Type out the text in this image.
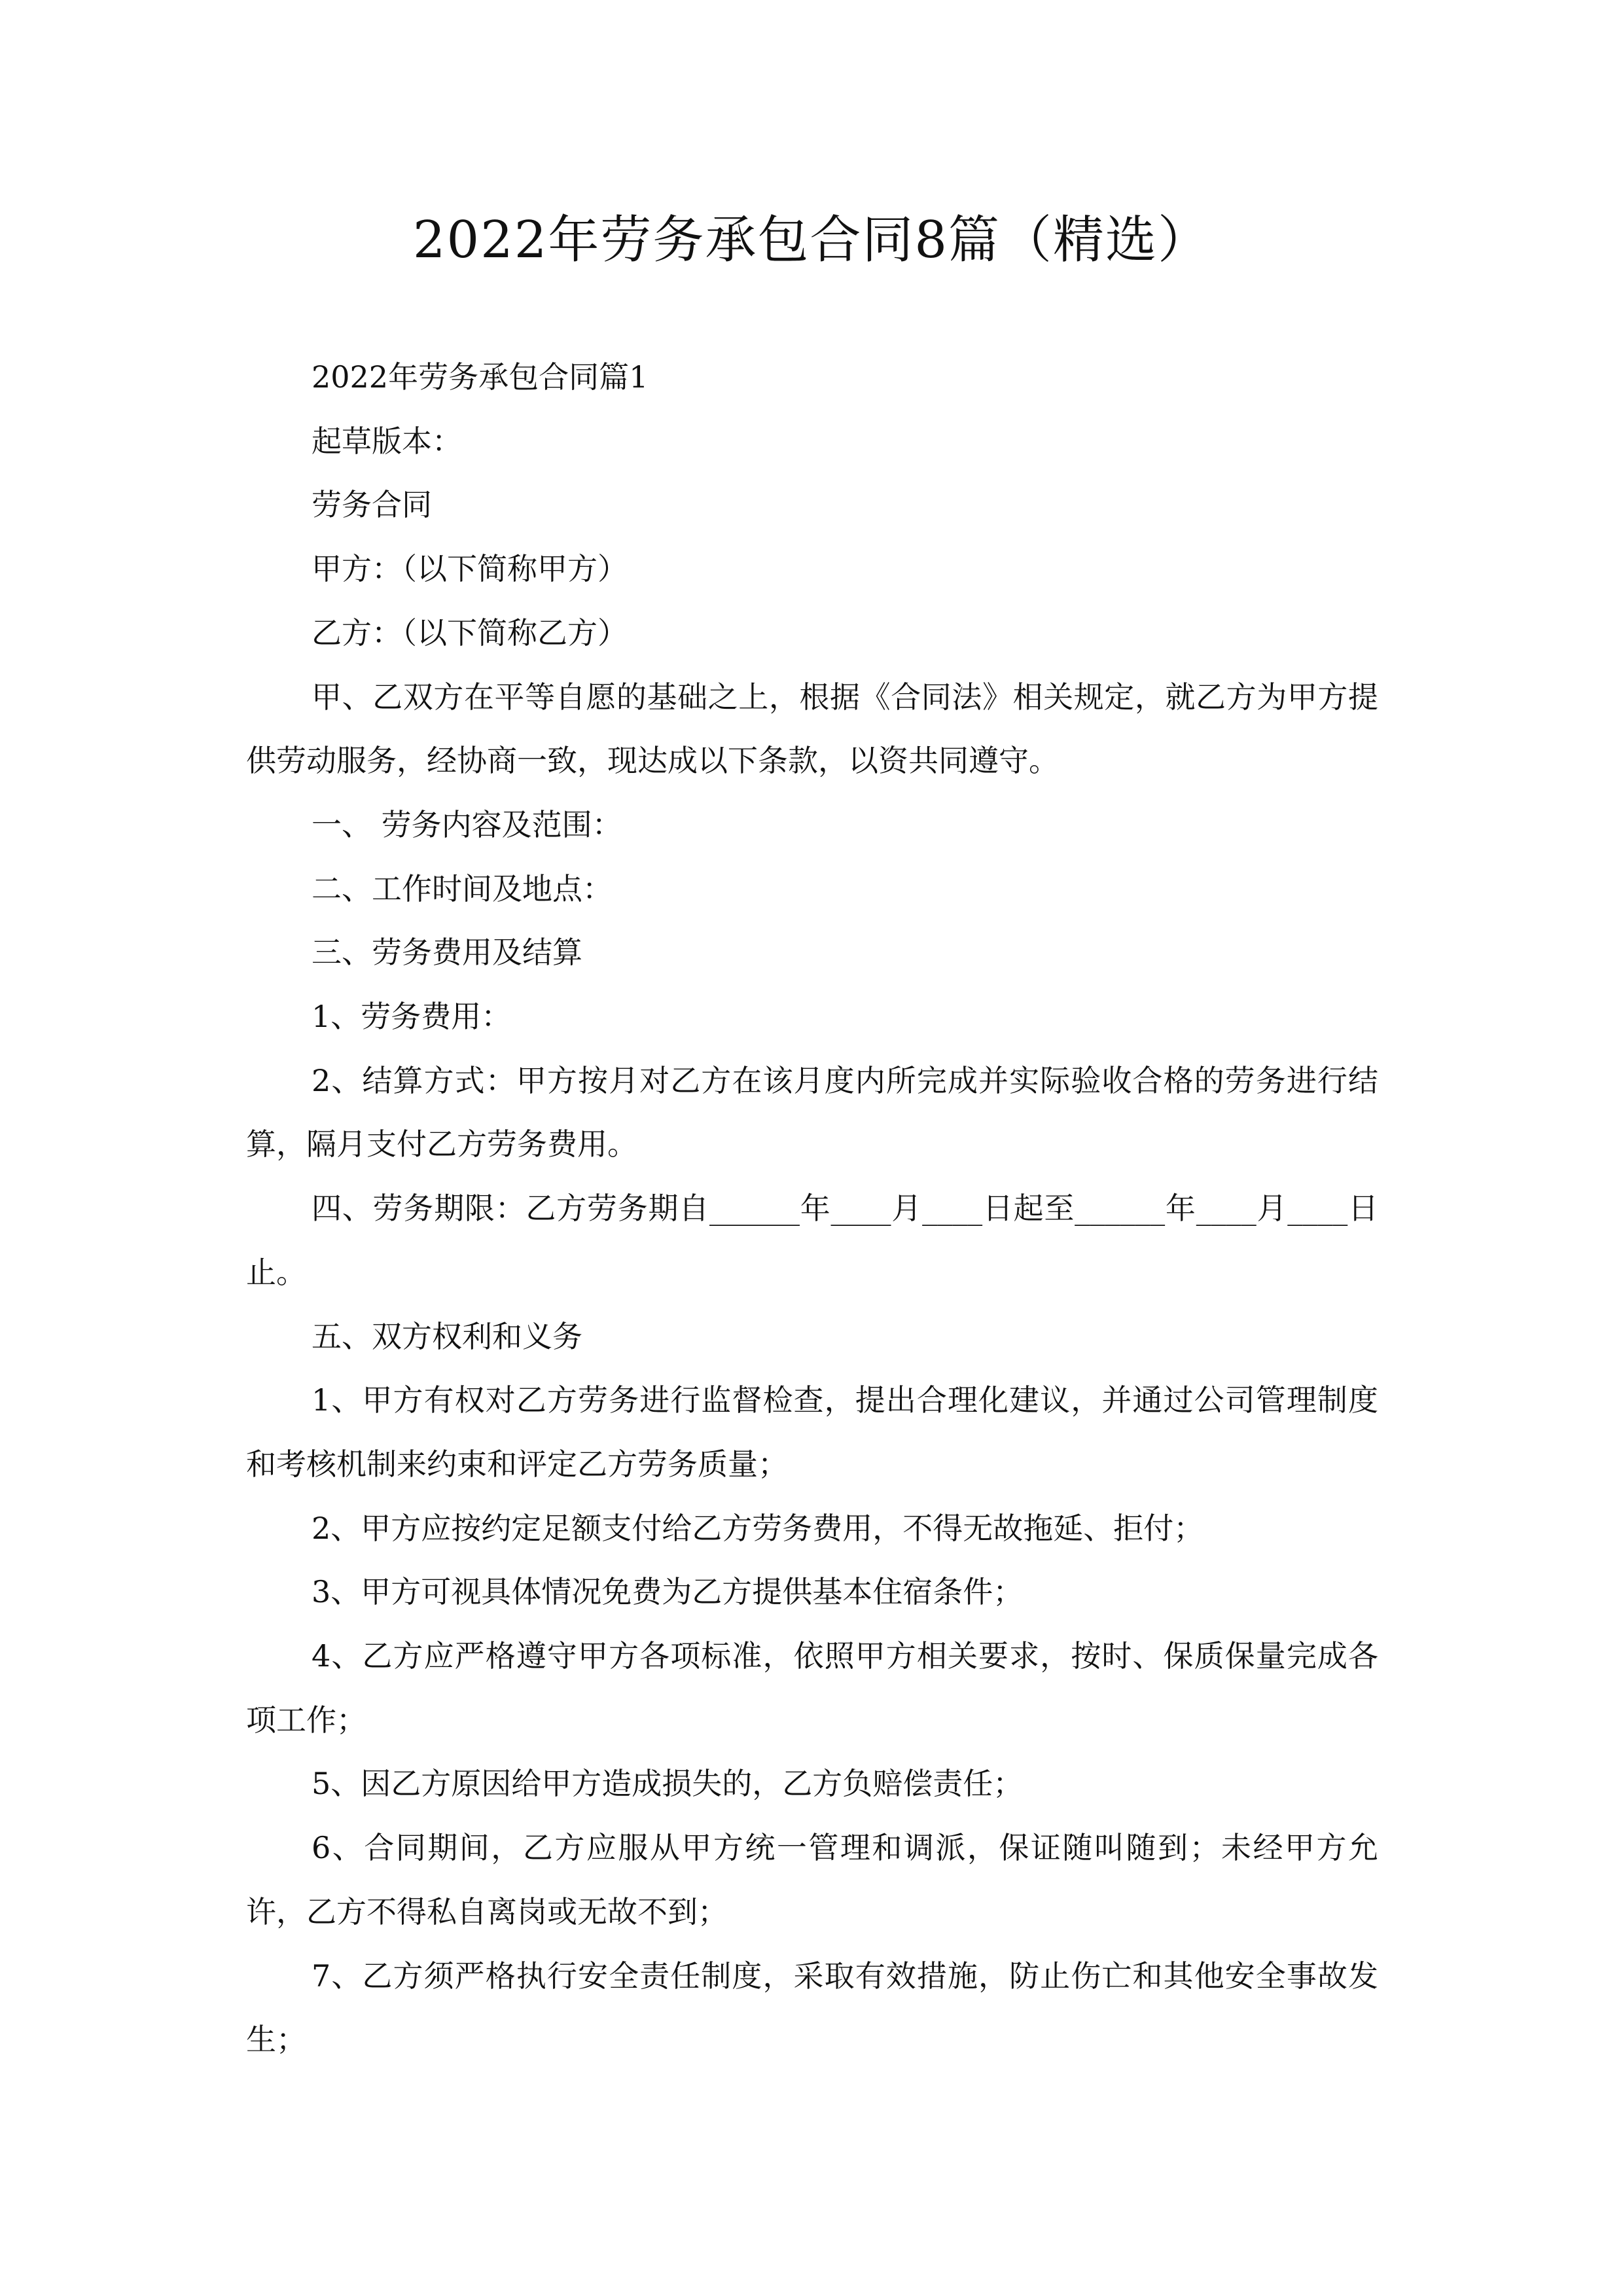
2022年劳务承包合同8篇（精选）

2022年劳务承包合同篇1

起草版本：

劳务合同

甲方：（以下简称甲方）

乙方：（以下简称乙方）

甲、乙双方在平等自愿的基础之上，根据《合同法》相关规定，就乙方为甲方提供劳动服务，经协商一致，现达成以下条款，以资共同遵守。

一、 劳务内容及范围：

二、工作时间及地点：

三、劳务费用及结算

1、劳务费用：

2、结算方式：甲方按月对乙方在该月度内所完成并实际验收合格的劳务进行结算，隔月支付乙方劳务费用。

四、劳务期限：乙方劳务期自______年____月____日起至______年____月____日止。

五、双方权利和义务

1、甲方有权对乙方劳务进行监督检查，提出合理化建议，并通过公司管理制度和考核机制来约束和评定乙方劳务质量；

2、甲方应按约定足额支付给乙方劳务费用，不得无故拖延、拒付；

3、甲方可视具体情况免费为乙方提供基本住宿条件；

4、乙方应严格遵守甲方各项标准，依照甲方相关要求，按时、保质保量完成各项工作；

5、因乙方原因给甲方造成损失的，乙方负赔偿责任；

6、合同期间，乙方应服从甲方统一管理和调派，保证随叫随到；未经甲方允许，乙方不得私自离岗或无故不到；

7、乙方须严格执行安全责任制度，采取有效措施，防止伤亡和其他安全事故发生；
